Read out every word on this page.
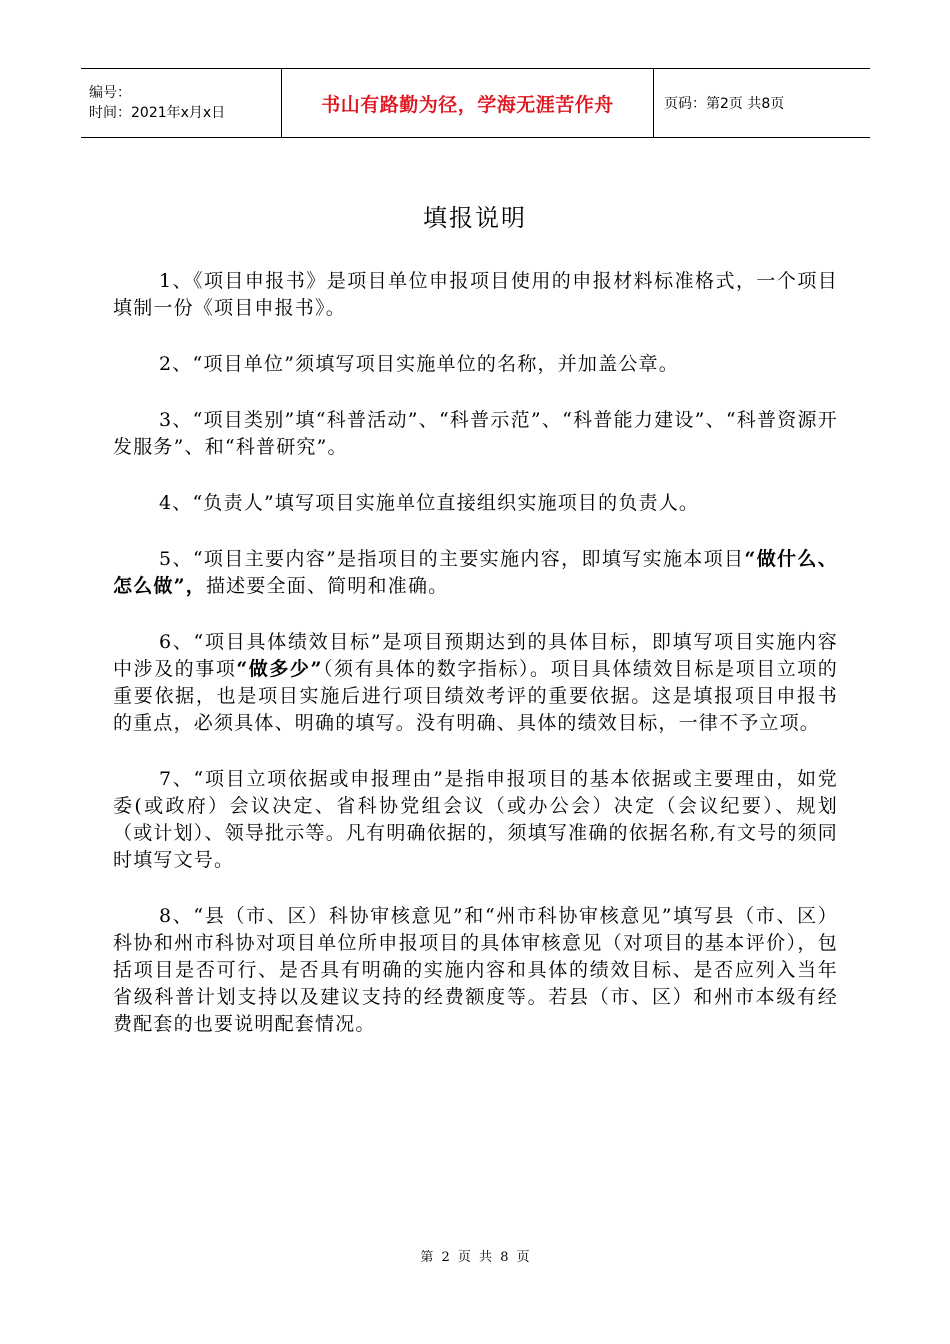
编号：
时间：2021年x月x日	书山有路勤为径，学海无涯苦作舟	页码：第2页 共8页
填报说明

1、《项目申报书》是项目单位申报项目使用的申报材料标准格式，一个项目填制一份《项目申报书》。

2、“项目单位”须填写项目实施单位的名称，并加盖公章。

3、“项目类别”填“科普活动”、“科普示范”、“科普能力建设”、“科普资源开发服务”、和“科普研究”。

4、“负责人”填写项目实施单位直接组织实施项目的负责人。

5、“项目主要内容”是指项目的主要实施内容，即填写实施本项目“做什么、怎么做”，描述要全面、简明和准确。

6、“项目具体绩效目标”是项目预期达到的具体目标，即填写项目实施内容中涉及的事项“做多少”（须有具体的数字指标）。项目具体绩效目标是项目立项的重要依据，也是项目实施后进行项目绩效考评的重要依据。这是填报项目申报书的重点，必须具体、明确的填写。没有明确、具体的绩效目标，一律不予立项。

7、“项目立项依据或申报理由”是指申报项目的基本依据或主要理由，如党委(或政府）会议决定、省科协党组会议（或办公会）决定（会议纪要）、规划（或计划）、领导批示等。凡有明确依据的，须填写准确的依据名称,有文号的须同时填写文号。

8、“县（市、区）科协审核意见”和“州市科协审核意见”填写县（市、区）科协和州市科协对项目单位所申报项目的具体审核意见（对项目的基本评价），包括项目是否可行、是否具有明确的实施内容和具体的绩效目标、是否应列入当年省级科普计划支持以及建议支持的经费额度等。若县（市、区）和州市本级有经费配套的也要说明配套情况。

第 2 页 共 8 页
